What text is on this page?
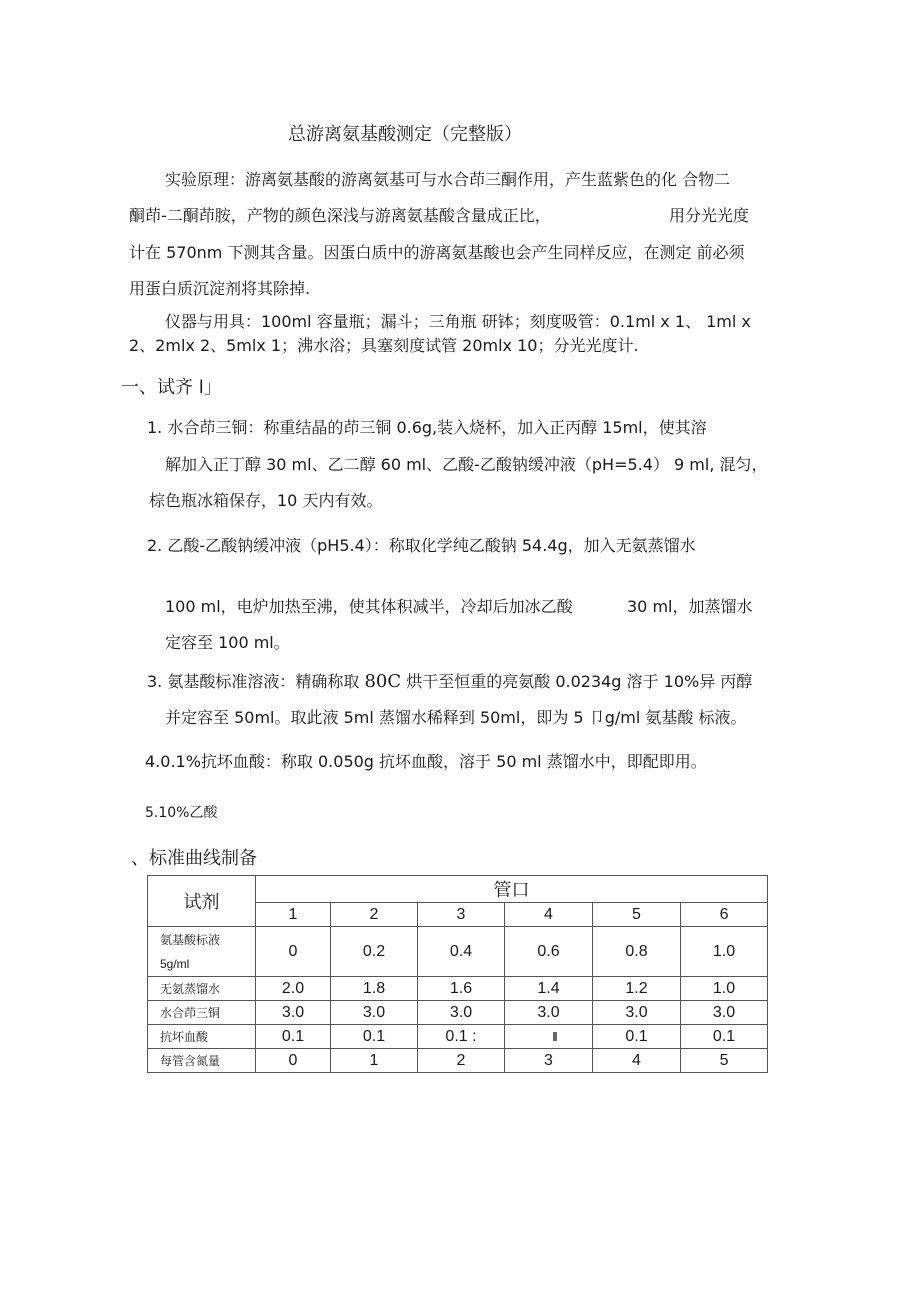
总游离氨基酸测定（完整版）
实验原理：游离氨基酸的游离氨基可与水合茚三酮作用，产生蓝紫色的化 合物二
酮茚-二酮茚胺，产物的颜色深浅与游离氨基酸含量成正比，	用分光光度
计在 570nm 下测其含量。因蛋白质中的游离氨基酸也会产生同样反应，在测定 前必须
用蛋白质沉淀剂将其除掉.
仪器与用具：100ml 容量瓶；漏斗；三角瓶 研钵；刻度吸管：0.1ml x 1、 1ml x
2、2mlx 2、5mlx 1；沸水浴；具塞刻度试管 20mlx 10；分光光度计.
一、试齐 l」
1. 水合茚三铜：称重结晶的茚三铜 0.6g,装入烧杯，加入正丙醇 15ml，使其溶
解加入正丁醇 30 ml、乙二醇 60 ml、乙酸-乙酸钠缓冲液（pH=5.4） 9 ml, 混匀，
棕色瓶冰箱保存，10 天内有效。
2. 乙酸-乙酸钠缓冲液（pH5.4）：称取化学纯乙酸钠 54.4g，加入无氨蒸馏水
100 ml，电炉加热至沸，使其体积减半，冷却后加冰乙酸	30 ml，加蒸馏水
定容至 100 ml。
3. 氨基酸标准溶液：精确称取 80C 烘干至恒重的亮氨酸 0.0234g 溶于 10%异 丙醇
并定容至 50ml。取此液 5ml 蒸馏水稀释到 50ml，即为 5 卩g/ml 氨基酸 标液。
4.0.1%抗坏血酸：称取 0.050g 抗坏血酸，溶于 50 ml 蒸馏水中，即配即用。
5.10%乙酸
、标准曲线制备
试剂	管口					
	1	2	3	4	5	6

氨基酸标液
5g/ml	0	0.2	0.4	0.6	0.8	1.0
无氨蒸馏水	2.0	1.8	1.6	1.4	1.2	1.0
水合茚三铜	3.0	3.0	3.0	3.0	3.0	3.0
抗坏血酸	0.1	0.1	0.1 :		0.1	0.1
每管含氮量	0	1	2	3	4	5
